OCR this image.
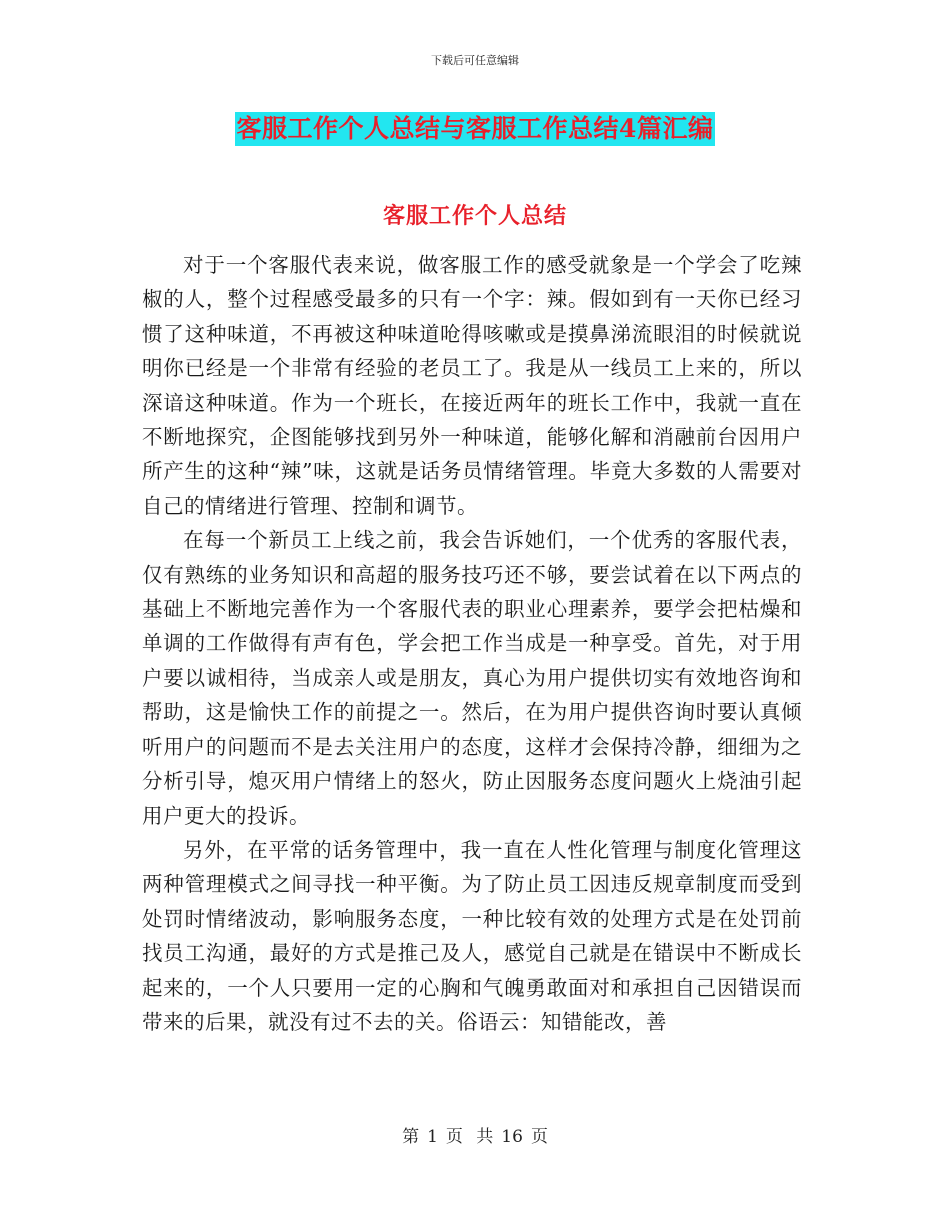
下载后可任意编辑
客服工作个人总结与客服工作总结4篇汇编
客服工作个人总结

对于一个客服代表来说，做客服工作的感受就象是一个学会了吃辣椒的人，整个过程感受最多的只有一个字：辣。假如到有一天你已经习惯了这种味道，不再被这种味道呛得咳嗽或是摸鼻涕流眼泪的时候就说明你已经是一个非常有经验的老员工了。我是从一线员工上来的，所以深谙这种味道。作为一个班长，在接近两年的班长工作中，我就一直在不断地探究，企图能够找到另外一种味道，能够化解和消融前台因用户所产生的这种“辣”味，这就是话务员情绪管理。毕竟大多数的人需要对自己的情绪进行管理、控制和调节。

在每一个新员工上线之前，我会告诉她们，一个优秀的客服代表，仅有熟练的业务知识和高超的服务技巧还不够，要尝试着在以下两点的基础上不断地完善作为一个客服代表的职业心理素养，要学会把枯燥和单调的工作做得有声有色，学会把工作当成是一种享受。首先，对于用户要以诚相待，当成亲人或是朋友，真心为用户提供切实有效地咨询和帮助，这是愉快工作的前提之一。然后，在为用户提供咨询时要认真倾听用户的问题而不是去关注用户的态度，这样才会保持冷静，细细为之分析引导，熄灭用户情绪上的怒火，防止因服务态度问题火上烧油引起用户更大的投诉。

另外，在平常的话务管理中，我一直在人性化管理与制度化管理这两种管理模式之间寻找一种平衡。为了防止员工因违反规章制度而受到处罚时情绪波动，影响服务态度，一种比较有效的处理方式是在处罚前找员工沟通，最好的方式是推己及人，感觉自己就是在错误中不断成长起来的，一个人只要用一定的心胸和气魄勇敢面对和承担自己因错误而带来的后果，就没有过不去的关。俗语云：知错能改，善

第 1 页 共 16 页
